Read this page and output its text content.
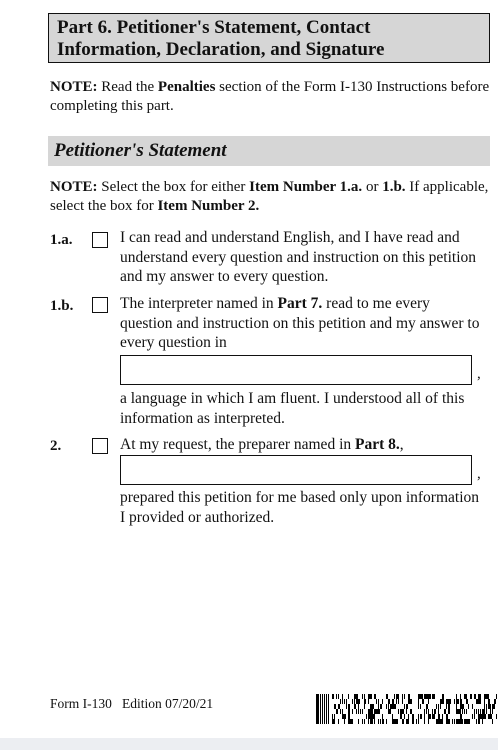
Part 6. Petitioner's Statement, Contact
Information, Declaration, and Signature
NOTE: Read the Penalties section of the Form I-130 Instructions before completing this part.
Petitioner's Statement
NOTE: Select the box for either Item Number 1.a. or 1.b. If applicable, select the box for Item Number 2.
1.a.	I can read and understand English, and I have read and understand every question and instruction on this petition and my answer to every question.
1.b.	The interpreter named in Part 7. read to me every question and instruction on this petition and my answer to every question in
,
a language in which I am fluent. I understood all of this information as interpreted.
2.	At my request, the preparer named in Part 8.,
,
prepared this petition for me based only upon information I provided or authorized.
Form I-130 Edition 07/20/21
